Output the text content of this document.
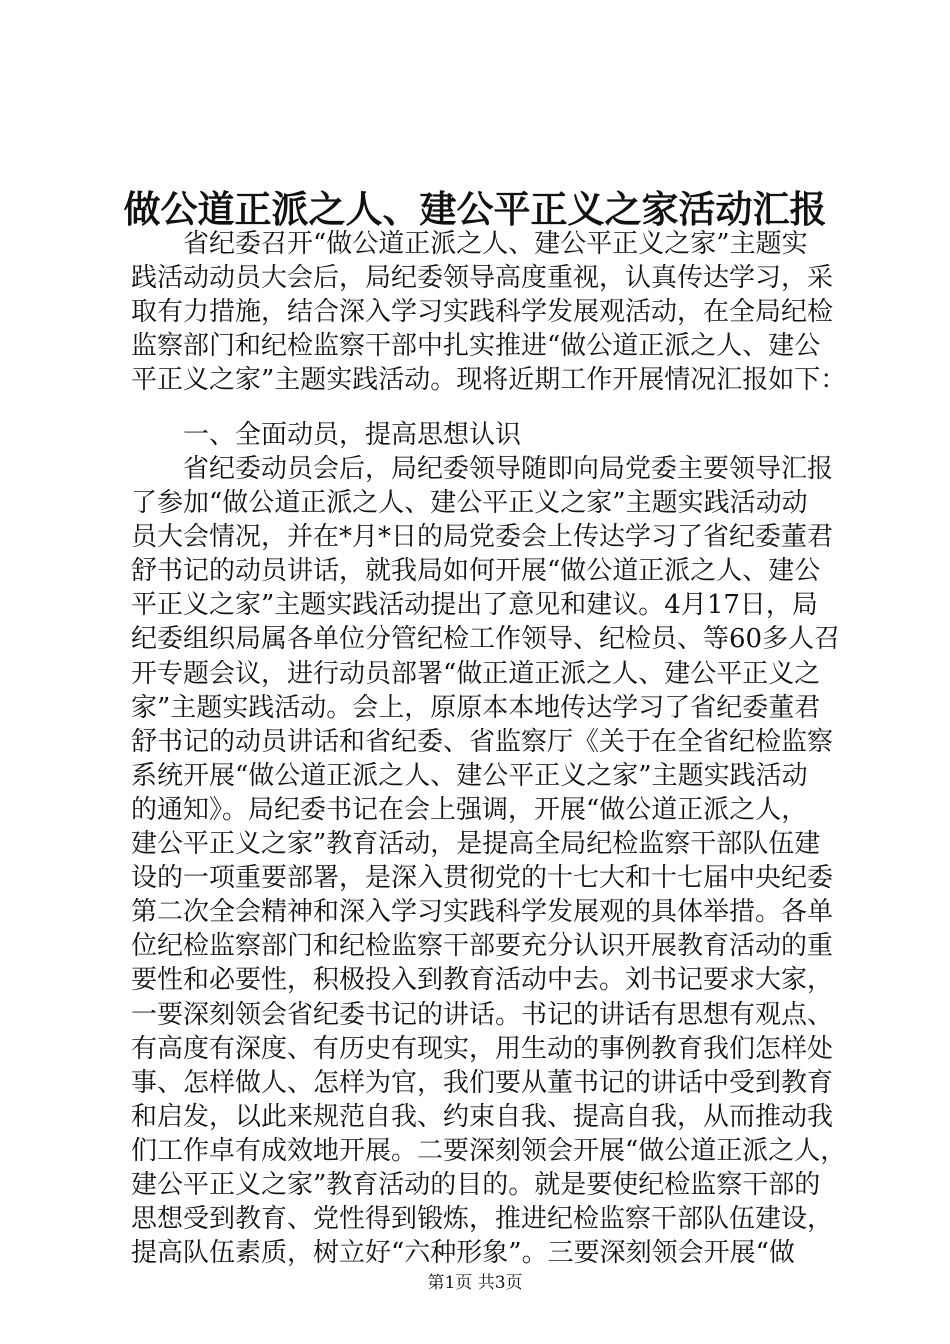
做公道正派之人、建公平正义之家活动汇报
省纪委召开“做公道正派之人、建公平正义之家”主题实
践活动动员大会后，局纪委领导高度重视，认真传达学习，采
取有力措施，结合深入学习实践科学发展观活动，在全局纪检
监察部门和纪检监察干部中扎实推进“做公道正派之人、建公
平正义之家”主题实践活动。现将近期工作开展情况汇报如下：
一、全面动员，提高思想认识
省纪委动员会后，局纪委领导随即向局党委主要领导汇报
了参加“做公道正派之人、建公平正义之家”主题实践活动动
员大会情况，并在*月*日的局党委会上传达学习了省纪委董君
舒书记的动员讲话，就我局如何开展“做公道正派之人、建公
平正义之家”主题实践活动提出了意见和建议。4月17日，局
纪委组织局属各单位分管纪检工作领导、纪检员、等60多人召
开专题会议，进行动员部署“做正道正派之人、建公平正义之
家”主题实践活动。会上，原原本本地传达学习了省纪委董君
舒书记的动员讲话和省纪委、省监察厅《关于在全省纪检监察
系统开展“做公道正派之人、建公平正义之家”主题实践活动
的通知》。局纪委书记在会上强调，开展“做公道正派之人，
建公平正义之家”教育活动，是提高全局纪检监察干部队伍建
设的一项重要部署，是深入贯彻党的十七大和十七届中央纪委
第二次全会精神和深入学习实践科学发展观的具体举措。各单
位纪检监察部门和纪检监察干部要充分认识开展教育活动的重
要性和必要性，积极投入到教育活动中去。刘书记要求大家，
一要深刻领会省纪委书记的讲话。书记的讲话有思想有观点、
有高度有深度、有历史有现实，用生动的事例教育我们怎样处
事、怎样做人、怎样为官，我们要从董书记的讲话中受到教育
和启发，以此来规范自我、约束自我、提高自我，从而推动我
们工作卓有成效地开展。二要深刻领会开展“做公道正派之人，
建公平正义之家”教育活动的目的。就是要使纪检监察干部的
思想受到教育、党性得到锻炼，推进纪检监察干部队伍建设，
提高队伍素质，树立好“六种形象”。三要深刻领会开展“做
第1页 共3页
